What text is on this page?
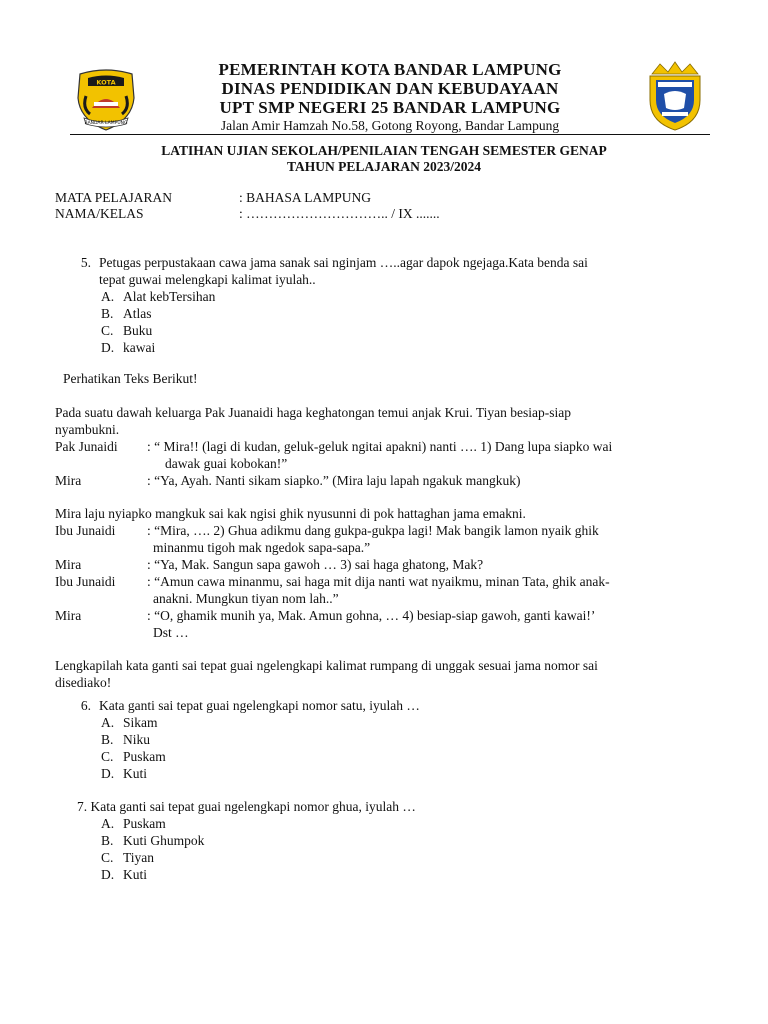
KOTA
BANDAR LAMPUNG
PEMERINTAH KOTA BANDAR LAMPUNG
DINAS PENDIDIKAN DAN KEBUDAYAAN
UPT SMP NEGERI 25 BANDAR LAMPUNG
Jalan Amir Hamzah No.58, Gotong Royong, Bandar Lampung
LATIHAN UJIAN SEKOLAH/PENILAIAN TENGAH SEMESTER GENAP
TAHUN PELAJARAN 2023/2024
MATA PELAJARAN	: BAHASA LAMPUNG
NAMA/KELAS	: ………………………….. / IX .......
5. Petugas perpustakaan cawa jama sanak sai nginjam …..agar dapok ngejaga.Kata benda sai
tepat guwai melengkapi kalimat iyulah..
A. Alat kebTersihan
B. Atlas
C. Buku
D. kawai
Perhatikan Teks Berikut!
Pada suatu dawah keluarga Pak Juanaidi haga keghatongan temui anjak Krui. Tiyan besiap-siap
nyambukni.
Pak Junaidi	: “ Mira!! (lagi di kudan, geluk-geluk ngitai apakni) nanti …. 1) Dang lupa siapko wai
dawak guai kobokan!”
Mira	: “Ya, Ayah. Nanti sikam siapko.” (Mira laju lapah ngakuk mangkuk)
Mira laju nyiapko mangkuk sai kak ngisi ghik nyusunni di pok hattaghan jama emakni.
Ibu Junaidi	: “Mira, …. 2) Ghua adikmu dang gukpa-gukpa lagi! Mak bangik lamon nyaik ghik
minanmu tigoh mak ngedok sapa-sapa.”
Mira	: “Ya, Mak. Sangun sapa gawoh … 3) sai haga ghatong, Mak?
Ibu Junaidi	: “Amun cawa minanmu, sai haga mit dija nanti wat nyaikmu, minan Tata, ghik anak-
anakni. Mungkun tiyan nom lah..”
Mira	: “O, ghamik munih ya, Mak. Amun gohna, … 4) besiap-siap gawoh, ganti kawai!’
Dst …
Lengkapilah kata ganti sai tepat guai ngelengkapi kalimat rumpang di unggak sesuai jama nomor sai
disediako!
6. Kata ganti sai tepat guai ngelengkapi nomor satu, iyulah …
A. Sikam
B. Niku
C. Puskam
D. Kuti
7. Kata ganti sai tepat guai ngelengkapi nomor ghua, iyulah …
A. Puskam
B. Kuti Ghumpok
C. Tiyan
D. Kuti
